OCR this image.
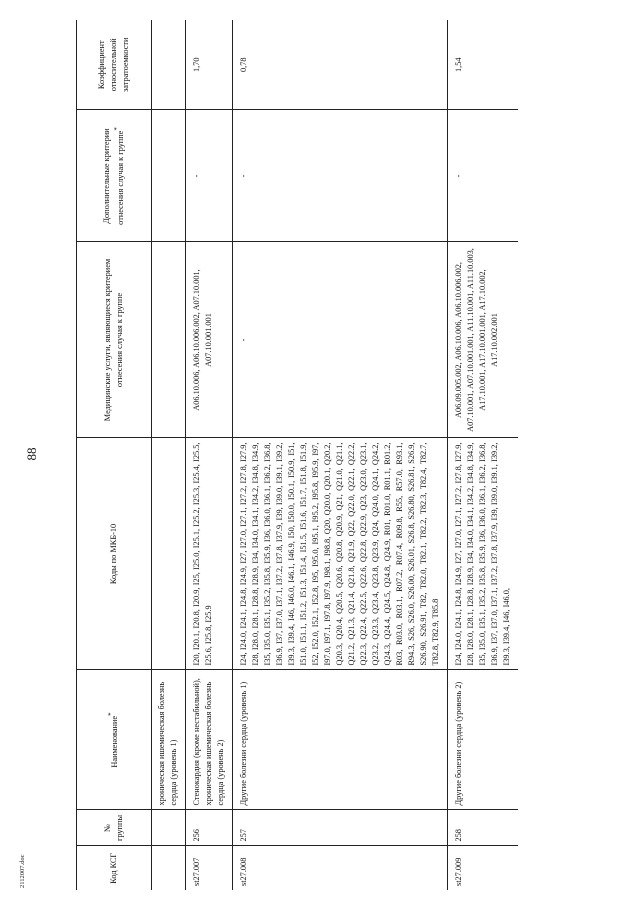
88
2112007.doc	Код КСГ	№ группы	Наименование*	Коды по МКБ-10	Медицинские услуги, являющиеся критерием отнесения случая к группе	Дополнительные критерии отнесения случая к группе*	Коэффициент относительной затратоемкости
		хроническая ишемическая болезнь сердца (уровень 1)				
st27.007	256	Стенокардия (кроме нестабильной), хроническая ишемическая болезнь сердца (уровень 2)	I20, I20.1, I20.8, I20.9, I25, I25.0, I25.1, I25.2, I25.3, I25.4, I25.5, I25.6, I25.8, I25.9	A06.10.006, A06.10.006.002, A07.10.001, A07.10.001.001	-	1,70
st27.008	257	Другие болезни сердца (уровень 1)	I24, I24.0, I24.1, I24.8, I24.9, I27, I27.0, I27.1, I27.2, I27.8, I27.9, I28, I28.0, I28.1, I28.8, I28.9, I34, I34.0, I34.1, I34.2, I34.8, I34.9, I35, I35.0, I35.1, I35.2, I35.8, I35.9, I36, I36.0, I36.1, I36.2, I36.8, I36.9, I37, I37.0, I37.1, I37.2, I37.8, I37.9, I39, I39.0, I39.1, I39.2, I39.3, I39.4, I46, I46.0, I46.1, I46.9, I50, I50.0, I50.1, I50.9, I51, I51.0, I51.1, I51.2, I51.3, I51.4, I51.5, I51.6, I51.7, I51.8, I51.9, I52, I52.0, I52.1, I52.8, I95, I95.0, I95.1, I95.2, I95.8, I95.9, I97, I97.0, I97.1, I97.8, I97.9, I98.1, I98.8, Q20, Q20.0, Q20.1, Q20.2, Q20.3, Q20.4, Q20.5, Q20.6, Q20.8, Q20.9, Q21, Q21.0, Q21.1, Q21.2, Q21.3, Q21.4, Q21.8, Q21.9, Q22, Q22.0, Q22.1, Q22.2, Q22.3, Q22.4, Q22.5, Q22.6, Q22.8, Q22.9, Q23, Q23.0, Q23.1, Q23.2, Q23.3, Q23.4, Q23.8, Q23.9, Q24, Q24.0, Q24.1, Q24.2, Q24.3, Q24.4, Q24.5, Q24.8, Q24.9, R01, R01.0, R01.1, R01.2, R03, R03.0, R03.1, R07.2, R07.4, R09.8, R55, R57.0, R93.1, R94.3, S26, S26.0, S26.00, S26.01, S26.8, S26.80, S26.81, S26.9, S26.90, S26.91, T82, T82.0, T82.1, T82.2, T82.3, T82.4, T82.7, T82.8, T82.9, T85.8	-	-	0,78
st27.009	258	Другие болезни сердца (уровень 2)	I24, I24.0, I24.1, I24.8, I24.9, I27, I27.0, I27.1, I27.2, I27.8, I27.9, I28, I28.0, I28.1, I28.8, I28.9, I34, I34.0, I34.1, I34.2, I34.8, I34.9, I35, I35.0, I35.1, I35.2, I35.8, I35.9, I36, I36.0, I36.1, I36.2, I36.8, I36.9, I37, I37.0, I37.1, I37.2, I37.8, I37.9, I39, I39.0, I39.1, I39.2, I39.3, I39.4, I46, I46.0,	A06.09.005.002, A06.10.006, A06.10.006.002, A07.10.001, A07.10.001.001, A11.10.001, A11.10.003, A17.10.001, A17.10.001.001, A17.10.002, A17.10.002.001	-	1,54
